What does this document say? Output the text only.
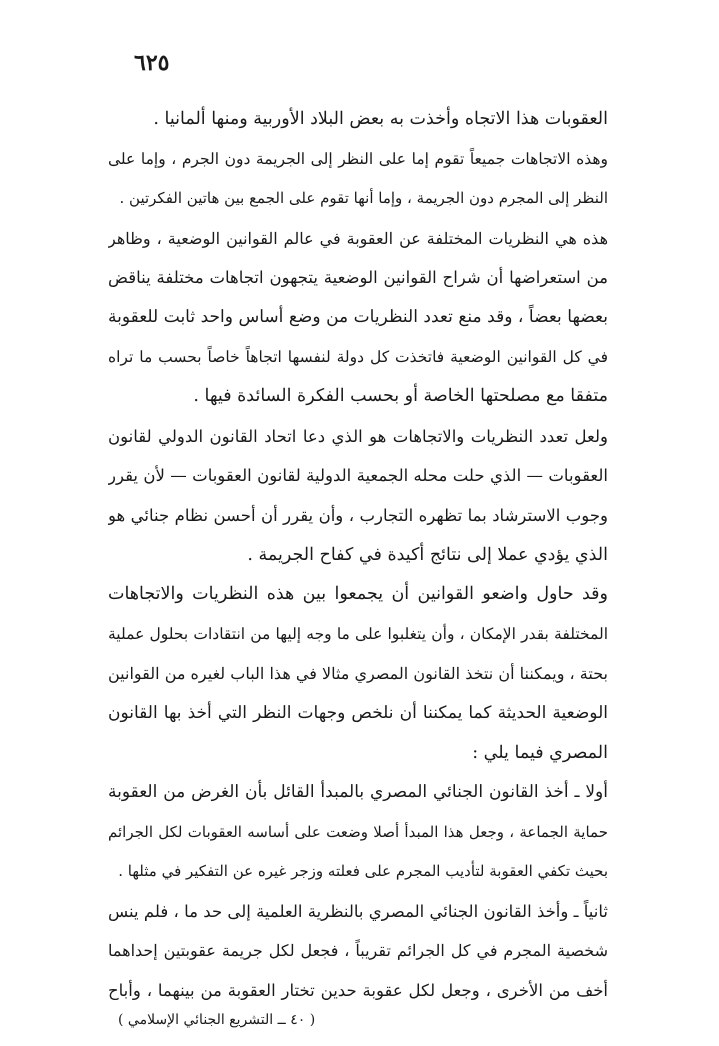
٦٢٥
العقوبات هذا الاتجاه وأخذت به بعض البلاد الأوربية ومنها ألمانيا .
وهذه الاتجاهات جميعاً تقوم إما على النظر إلى الجريمة دون الجرم ، وإما على
النظر إلى المجرم دون الجريمة ، وإما أنها تقوم على الجمع بين هاتين الفكرتين .
هذه هي النظريات المختلفة عن العقوبة في عالم القوانين الوضعية ، وظاهر
من استعراضها أن شراح القوانين الوضعية يتجهون اتجاهات مختلفة يناقض
بعضها بعضاً ، وقد منع تعدد النظريات من وضع أساس واحد ثابت للعقوبة
في كل القوانين الوضعية فاتخذت كل دولة لنفسها اتجاهاً خاصاً بحسب ما تراه
متفقا مع مصلحتها الخاصة أو بحسب الفكرة السائدة فيها .
ولعل تعدد النظريات والاتجاهات هو الذي دعا اتحاد القانون الدولي لقانون
العقوبات — الذي حلت محله الجمعية الدولية لقانون العقوبات — لأن يقرر
وجوب الاسترشاد بما تظهره التجارب ، وأن يقرر أن أحسن نظام جنائي هو
الذي يؤدي عملا إلى نتائج أكيدة في كفاح الجريمة .
وقد حاول واضعو القوانين أن يجمعوا بين هذه النظريات والاتجاهات
المختلفة بقدر الإمكان ، وأن يتغلبوا على ما وجه إليها من انتقادات بحلول عملية
بحتة ، ويمكننا أن نتخذ القانون المصري مثالا في هذا الباب لغيره من القوانين
الوضعية الحديثة كما يمكننا أن نلخص وجهات النظر التي أخذ بها القانون
المصري فيما يلي :
أولا ـ أخذ القانون الجنائي المصري بالمبدأ القائل بأن الغرض من العقوبة
حماية الجماعة ، وجعل هذا المبدأ أصلا وضعت على أساسه العقوبات لكل الجرائم
بحيث تكفي العقوبة لتأديب المجرم على فعلته وزجر غيره عن التفكير في مثلها .
ثانياً ـ وأخذ القانون الجنائي المصري بالنظرية العلمية إلى حد ما ، فلم ينس
شخصية المجرم في كل الجرائم تقريباً ، فجعل لكل جريمة عقوبتين إحداهما
أخف من الأخرى ، وجعل لكل عقوبة حدين تختار العقوبة من بينهما ، وأباح
( ٤٠ ــ التشريع الجنائي الإسلامي )
